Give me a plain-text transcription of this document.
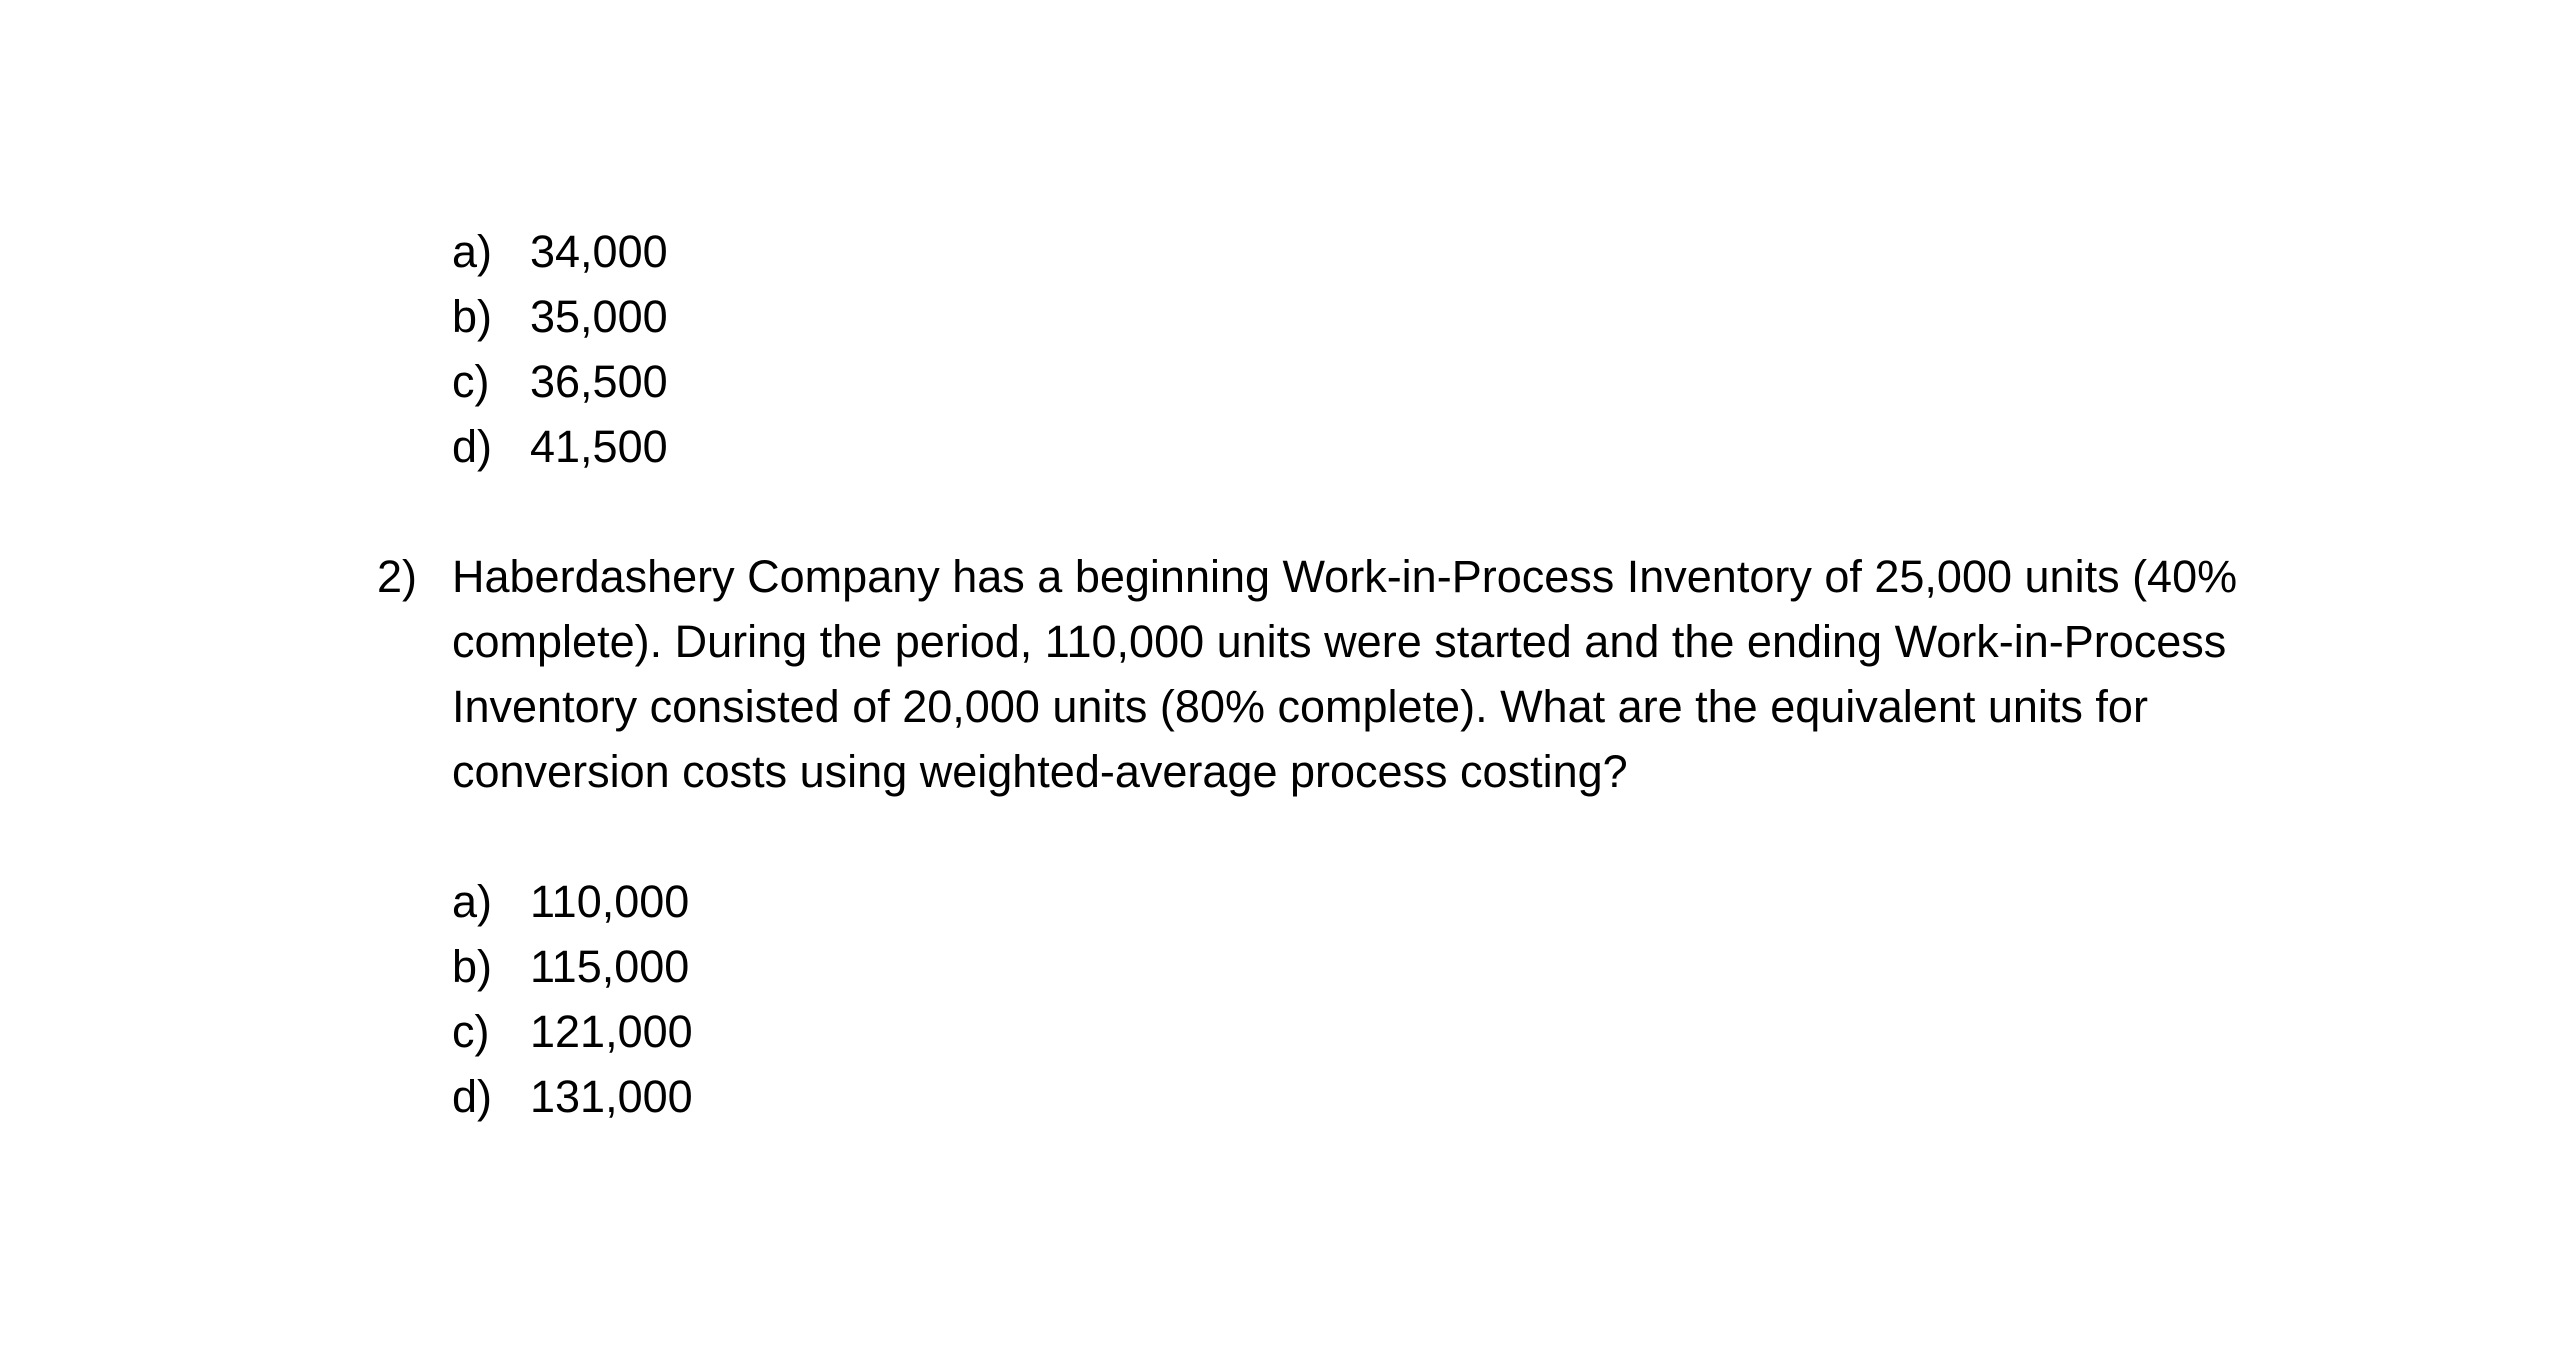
a) 34,000
b) 35,000
c) 36,500
d) 41,500
2) Haberdashery Company has a beginning Work-in-Process Inventory of 25,000 units (40%
complete). During the period, 110,000 units were started and the ending Work-in-Process
Inventory consisted of 20,000 units (80% complete). What are the equivalent units for
conversion costs using weighted-average process costing?
a) 110,000
b) 115,000
c) 121,000
d) 131,000
